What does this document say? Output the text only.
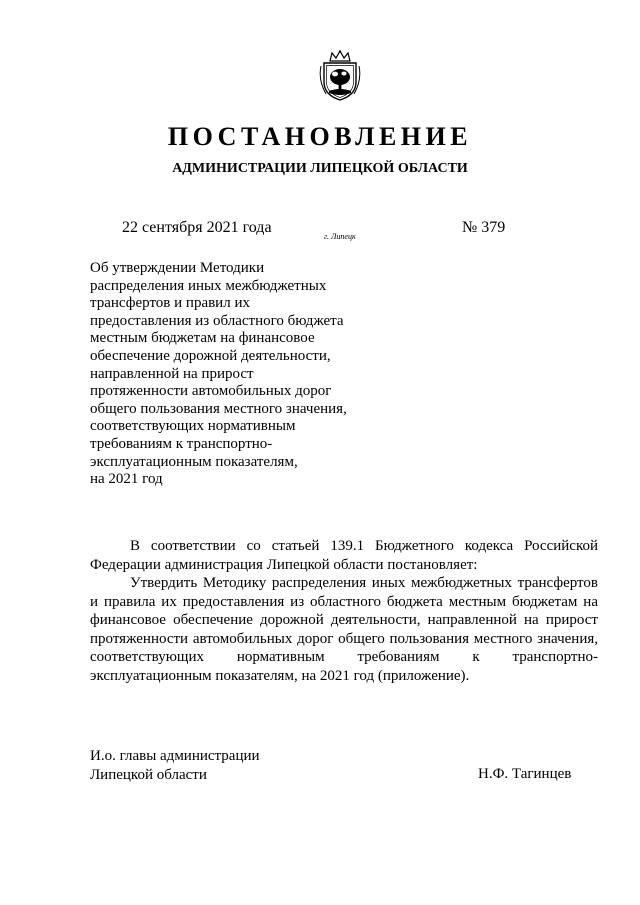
ПОСТАНОВЛЕНИЕ
АДМИНИСТРАЦИИ ЛИПЕЦКОЙ ОБЛАСТИ
22 сентября 2021 года
г. Липецк
№ 379
Об утверждении Методики
распределения иных межбюджетных
трансфертов и правил их
предоставления из областного бюджета
местным бюджетам на финансовое
обеспечение дорожной деятельности,
направленной на прирост
протяженности автомобильных дорог
общего пользования местного значения,
соответствующих нормативным
требованиям к транспортно-
эксплуатационным показателям,
на 2021 год

В соответствии со статьей 139.1 Бюджетного кодекса Российской Федерации администрация Липецкой области постановляет:

Утвердить Методику распределения иных межбюджетных трансфертов и правила их предоставления из областного бюджета местным бюджетам на финансовое обеспечение дорожной деятельности, направленной на прирост протяженности автомобильных дорог общего пользования местного значения, соответствующих нормативным требованиям к транспортно-эксплуатационным показателям, на 2021 год (приложение).

И.о. главы администрации
Липецкой области	Н.Ф. Тагинцев
